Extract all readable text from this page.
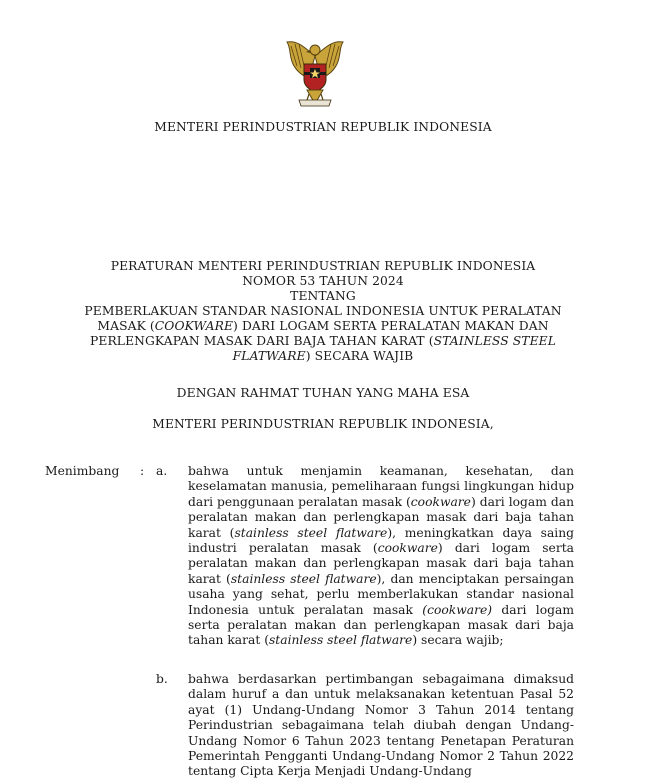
MENTERI PERINDUSTRIAN REPUBLIK INDONESIA
PERATURAN MENTERI PERINDUSTRIAN REPUBLIK INDONESIA
NOMOR 53 TAHUN 2024
TENTANG
PEMBERLAKUAN STANDAR NASIONAL INDONESIA UNTUK PERALATAN
MASAK (COOKWARE) DARI LOGAM SERTA PERALATAN MAKAN DAN
PERLENGKAPAN MASAK DARI BAJA TAHAN KARAT (STAINLESS STEEL
FLATWARE) SECARA WAJIB
DENGAN RAHMAT TUHAN YANG MAHA ESA
MENTERI PERINDUSTRIAN REPUBLIK INDONESIA,
Menimbang : a. bahwa untuk menjamin keamanan, kesehatan, dan keselamatan manusia, pemeliharaan fungsi lingkungan hidup dari penggunaan peralatan masak (cookware) dari logam dan peralatan makan dan perlengkapan masak dari baja tahan karat (stainless steel flatware), meningkatkan daya saing industri peralatan masak (cookware) dari logam serta peralatan makan dan perlengkapan masak dari baja tahan karat (stainless steel flatware), dan menciptakan persaingan usaha yang sehat, perlu memberlakukan standar nasional Indonesia untuk peralatan masak (cookware) dari logam serta peralatan makan dan perlengkapan masak dari baja tahan karat (stainless steel flatware) secara wajib;
b. bahwa berdasarkan pertimbangan sebagaimana dimaksud dalam huruf a dan untuk melaksanakan ketentuan Pasal 52 ayat (1) Undang-Undang Nomor 3 Tahun 2014 tentang Perindustrian sebagaimana telah diubah dengan Undang-Undang Nomor 6 Tahun 2023 tentang Penetapan Peraturan Pemerintah Pengganti Undang-Undang Nomor 2 Tahun 2022 tentang Cipta Kerja Menjadi Undang-Undang
